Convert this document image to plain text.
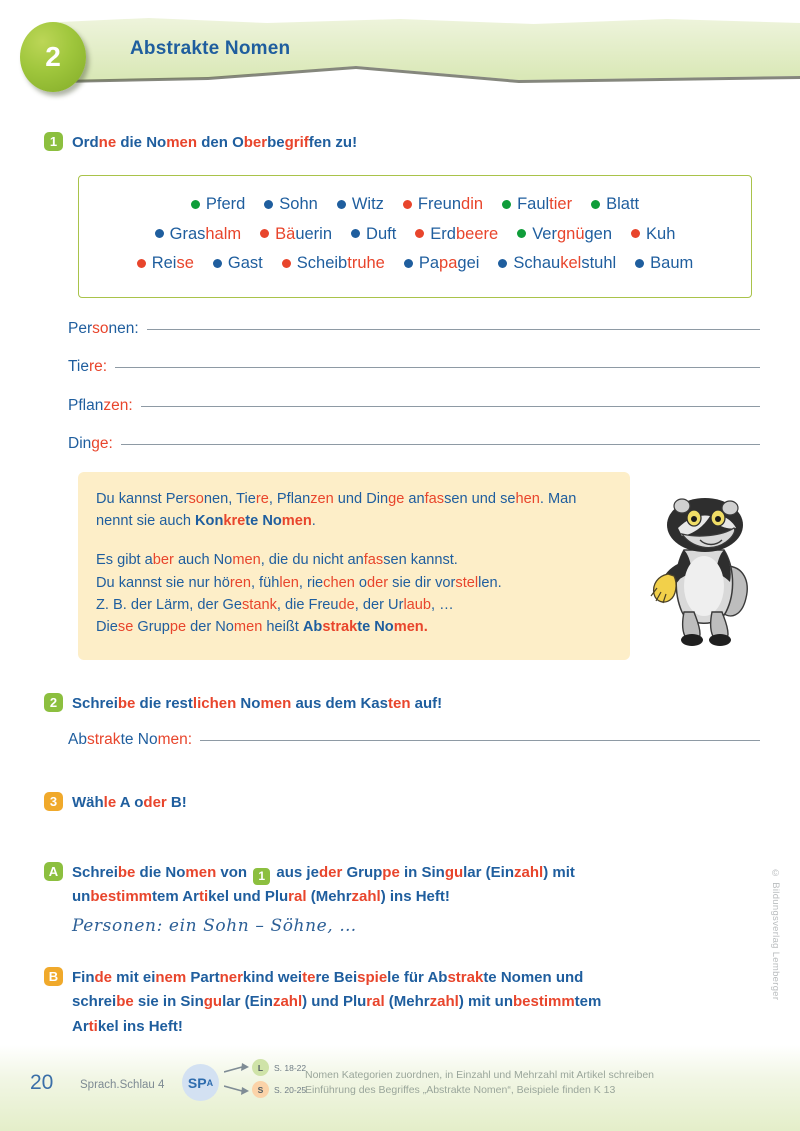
2	Abstrakte Nomen
1 Ordne die Nomen den Oberbegriffen zu!
Pferd Sohn Witz Freundin Faultier Blatt
Grashalm Bäuerin Duft Erdbeere Vergnügen Kuh
Reise Gast Scheibtruhe Papagei Schaukelstuhl Baum
Personen:
Tiere:
Pflanzen:
Dinge:

Du kannst Personen, Tiere, Pflanzen und Dinge anfassen und sehen. Man nennt sie auch Konkrete Nomen.

Es gibt aber auch Nomen, die du nicht anfassen kannst.
Du kannst sie nur hören, fühlen, riechen oder sie dir vorstellen.
Z. B. der Lärm, der Gestank, die Freude, der Urlaub, …
Diese Gruppe der Nomen heißt Abstrakte Nomen.

2 Schreibe die restlichen Nomen aus dem Kasten auf!
Abstrakte Nomen:
3 Wähle A oder B!
A Schreibe die Nomen von 1 aus jeder Gruppe in Singular (Einzahl) mit
unbestimmtem Artikel und Plural (Mehrzahl) ins Heft!
Personen: ein Sohn – Söhne, …
B Finde mit einem Partnerkind weitere Beispiele für Abstrakte Nomen und
schreibe sie in Singular (Einzahl) und Plural (Mehrzahl) mit unbestimmtem
Artikel ins Heft!
© Bildungsverlag Lemberger
20 Sprach.Schlau 4 SP A
L	S. 18-22
S	S. 20-25
Nomen Kategorien zuordnen, in Einzahl und Mehrzahl mit Artikel schreiben
Einführung des Begriffes „Abstrakte Nomen“, Beispiele finden K 13
